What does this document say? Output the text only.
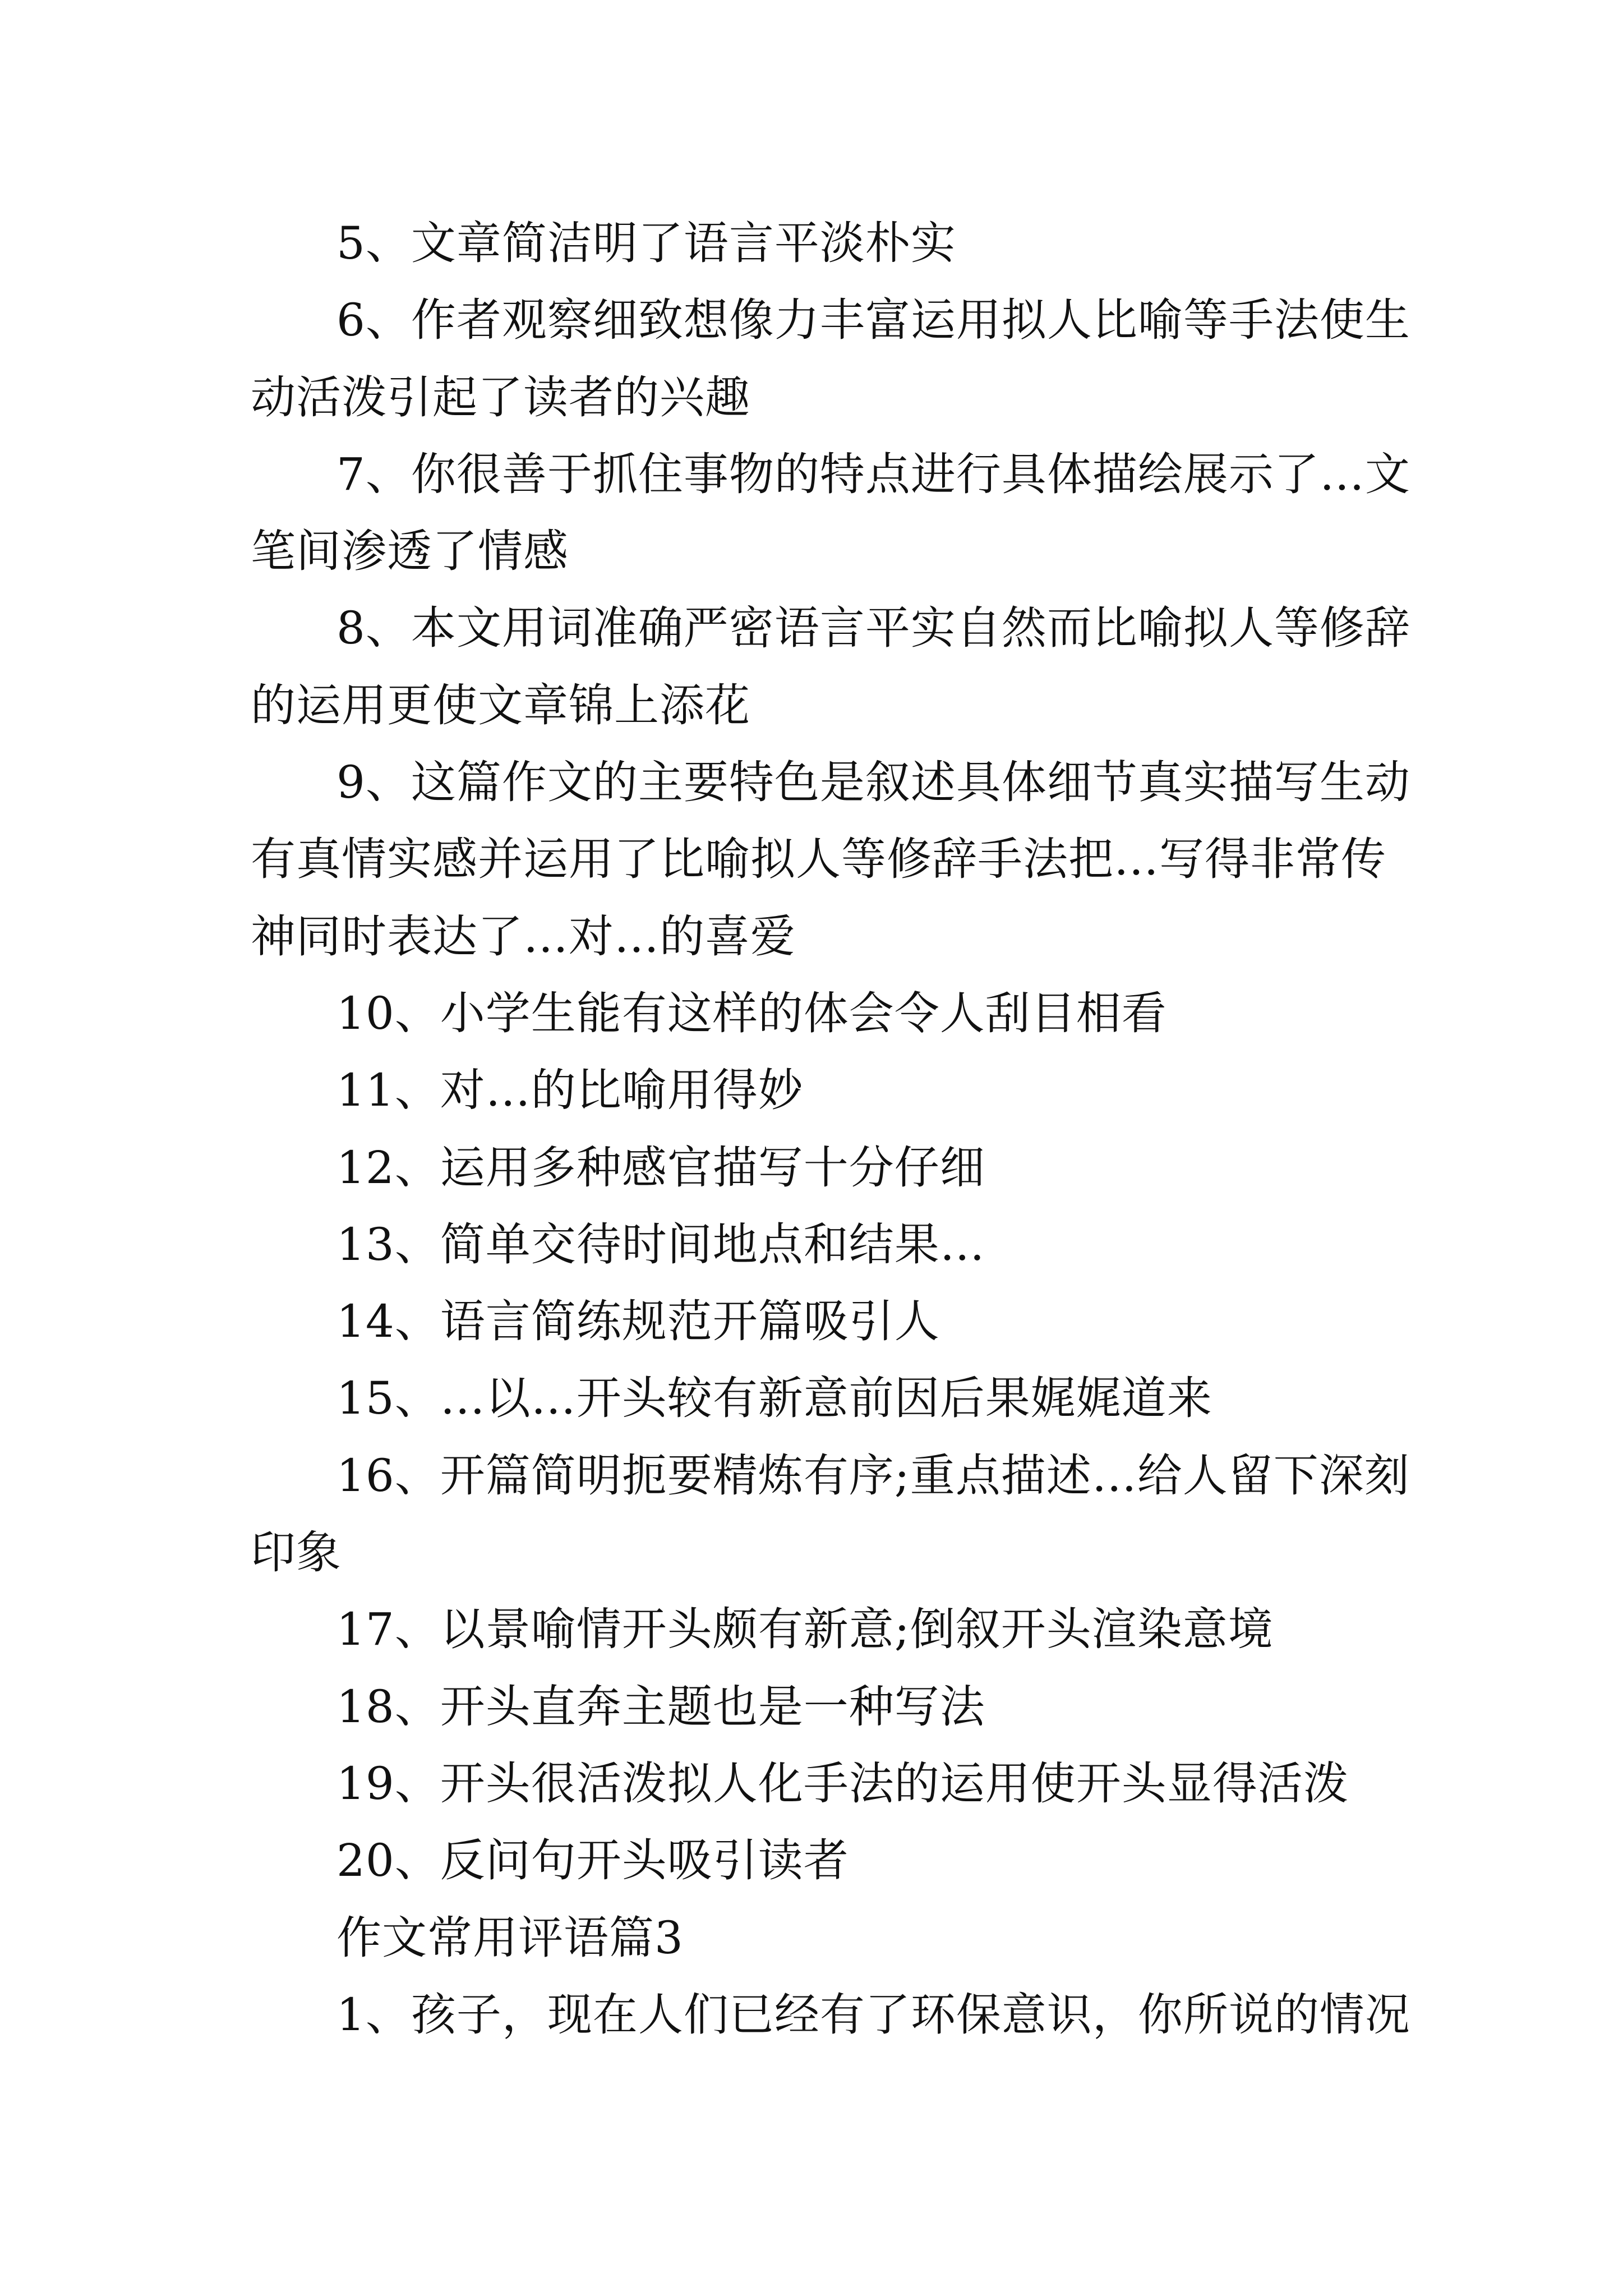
5、文章简洁明了语言平淡朴实
6、作者观察细致想像力丰富运用拟人比喻等手法使生
动活泼引起了读者的兴趣
7、你很善于抓住事物的特点进行具体描绘展示了…文
笔间渗透了情感
8、本文用词准确严密语言平实自然而比喻拟人等修辞
的运用更使文章锦上添花
9、这篇作文的主要特色是叙述具体细节真实描写生动
有真情实感并运用了比喻拟人等修辞手法把…写得非常传
神同时表达了…对…的喜爱
10、小学生能有这样的体会令人刮目相看
11、对…的比喻用得妙
12、运用多种感官描写十分仔细
13、简单交待时间地点和结果…
14、语言简练规范开篇吸引人
15、…以…开头较有新意前因后果娓娓道来
16、开篇简明扼要精炼有序;重点描述…给人留下深刻
印象
17、以景喻情开头颇有新意;倒叙开头渲染意境
18、开头直奔主题也是一种写法
19、开头很活泼拟人化手法的运用使开头显得活泼
20、反问句开头吸引读者
作文常用评语篇3
1、孩子，现在人们已经有了环保意识，你所说的情况
